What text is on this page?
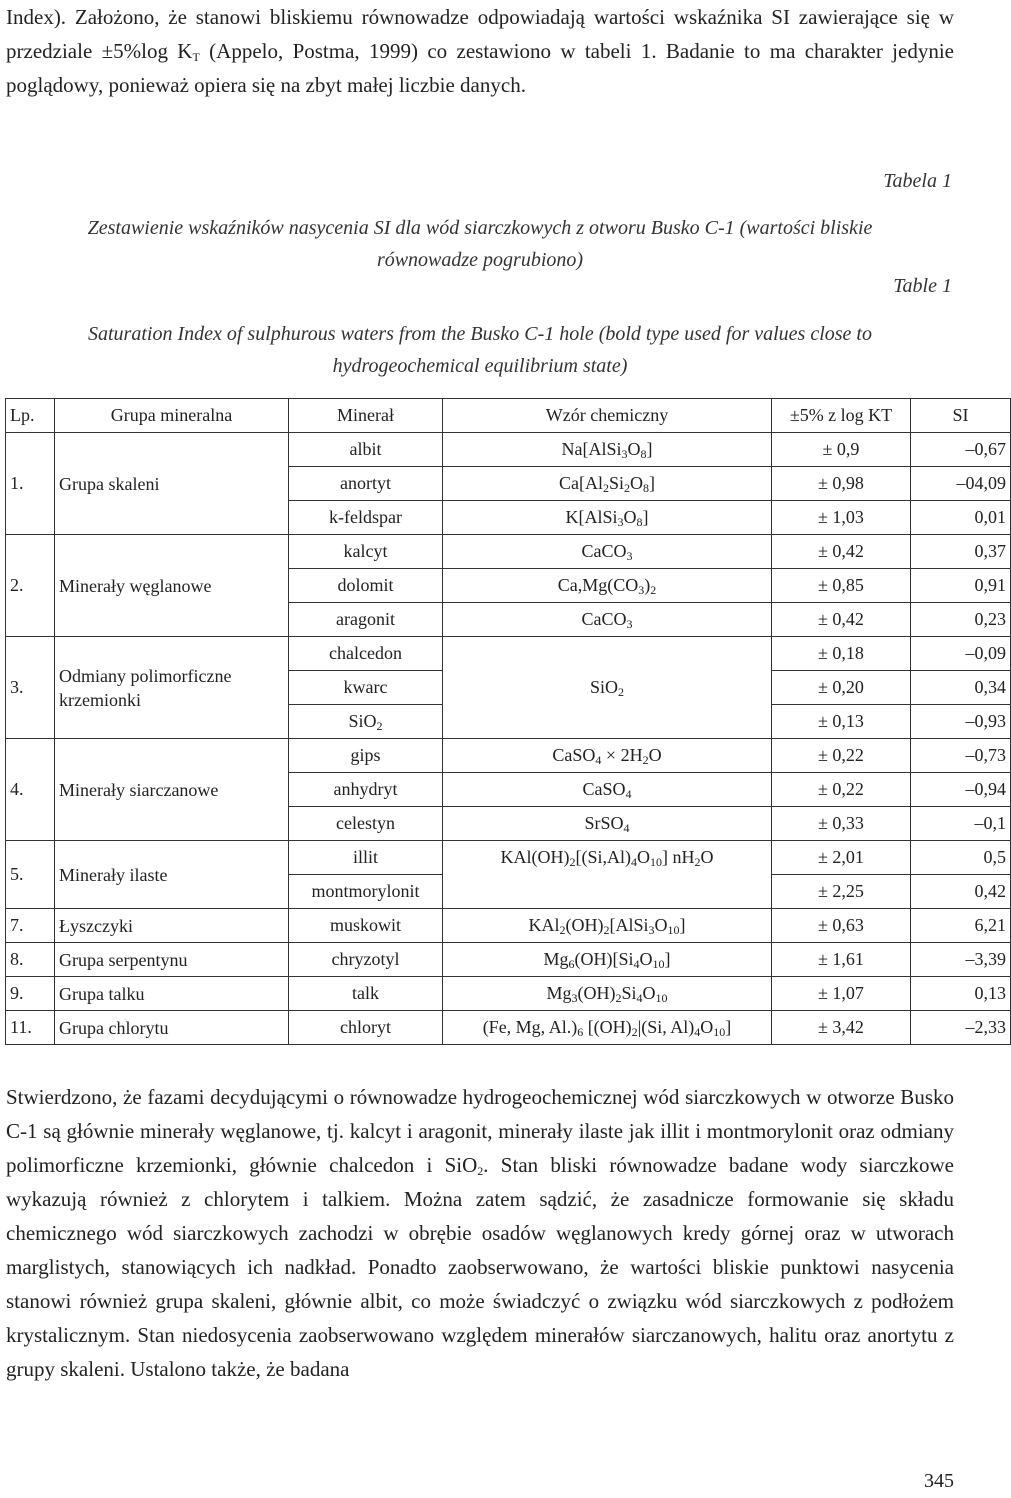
Index). Założono, że stanowi bliskiemu równowadze odpowiadają wartości wskaźnika SI zawierające się w przedziale ±5%log $K_T$ (Appelo, Postma, 1999) co zestawiono w tabeli 1. Badanie to ma charakter jedynie poglądowy, ponieważ opiera się na zbyt małej liczbie danych.

Tabela 1

Zestawienie wskaźników nasycenia SI dla wód siarczkowych z otworu Busko C-1 (wartości bliskie

równowadze pogrubiono)

Table 1

Saturation Index of sulphurous waters from the Busko C-1 hole (bold type used for values close to

hydrogeochemical equilibrium state)

Lp.	Grupa mineralna	Minerał	Wzór chemiczny	±5% z log KT	SI
1.	Grupa skaleni	albit	$Na[AlSi_3O_8]$	± 0,9	–0,67
		anortyt	$Ca[Al_2Si_2O_8]$	± 0,98	–04,09
		k-feldspar	$K[AlSi_3O_8]$	± 1,03	0,01
2.	Minerały węglanowe	kalcyt	CaCO$_3$	± 0,42	0,37
		dolomit	$Ca,Mg(CO_3)_2$	± 0,85	0,91
		aragonit	CaCO$_3$	± 0,42	0,23
3.	Odmiany polimorficzne krzemionki	chalcedon	SiO$_2$	± 0,18	–0,09
		kwarc		± 0,20	0,34
		SiO$_2$		± 0,13	–0,93
4.	Minerały siarczanowe	gips	CaSO$_4$ × $2H_2O$	± 0,22	–0,73
		anhydryt	CaSO$_4$	± 0,22	–0,94
		celestyn	SrSO$_4$	± 0,33	–0,1
5.	Minerały ilaste	illit	$KAl(OH)_2[(Si,Al)_4O_{10}]$ $nH_2O$	± 2,01	0,5
		montmorylonit		± 2,25	0,42
7.	Łyszczyki	muskowit	$KAl_2(OH)_2[AlSi_3O_{10}]$	± 0,63	6,21
8.	Grupa serpentynu	chryzotyl	$Mg_6(OH)[Si_4O_{10}]$	± 1,61	–3,39
9.	Grupa talku	talk	$Mg_3(OH)_2Si_4O_{10}$	± 1,07	0,13
11.	Grupa chlorytu	chloryt	(Fe, Mg, $Al.)_6$ [$(OH)_2|(Si$, $Al)_4O_{10}$]	± 3,42	–2,33

Stwierdzono, że fazami decydującymi o równowadze hydrogeochemicznej wód siarczkowych w otworze Busko C-1 są głównie minerały węglanowe, tj. kalcyt i aragonit, minerały ilaste jak illit i montmorylonit oraz odmiany polimorficzne krzemionki, głównie chalcedon i SiO$_2$. Stan bliski równowadze badane wody siarczkowe wykazują również z chlorytem i talkiem. Można zatem sądzić, że zasadnicze formowanie się składu chemicznego wód siarczkowych zachodzi w obrębie osadów węglanowych kredy górnej oraz w utworach marglistych, stanowiących ich nadkład. Ponadto zaobserwowano, że wartości bliskie punktowi nasycenia stanowi również grupa skaleni, głównie albit, co może świadczyć o związku wód siarczkowych z podłożem krystalicznym. Stan niedosycenia zaobserwowano względem minerałów siarczanowych, halitu oraz anortytu z grupy skaleni. Ustalono także, że badana

345
